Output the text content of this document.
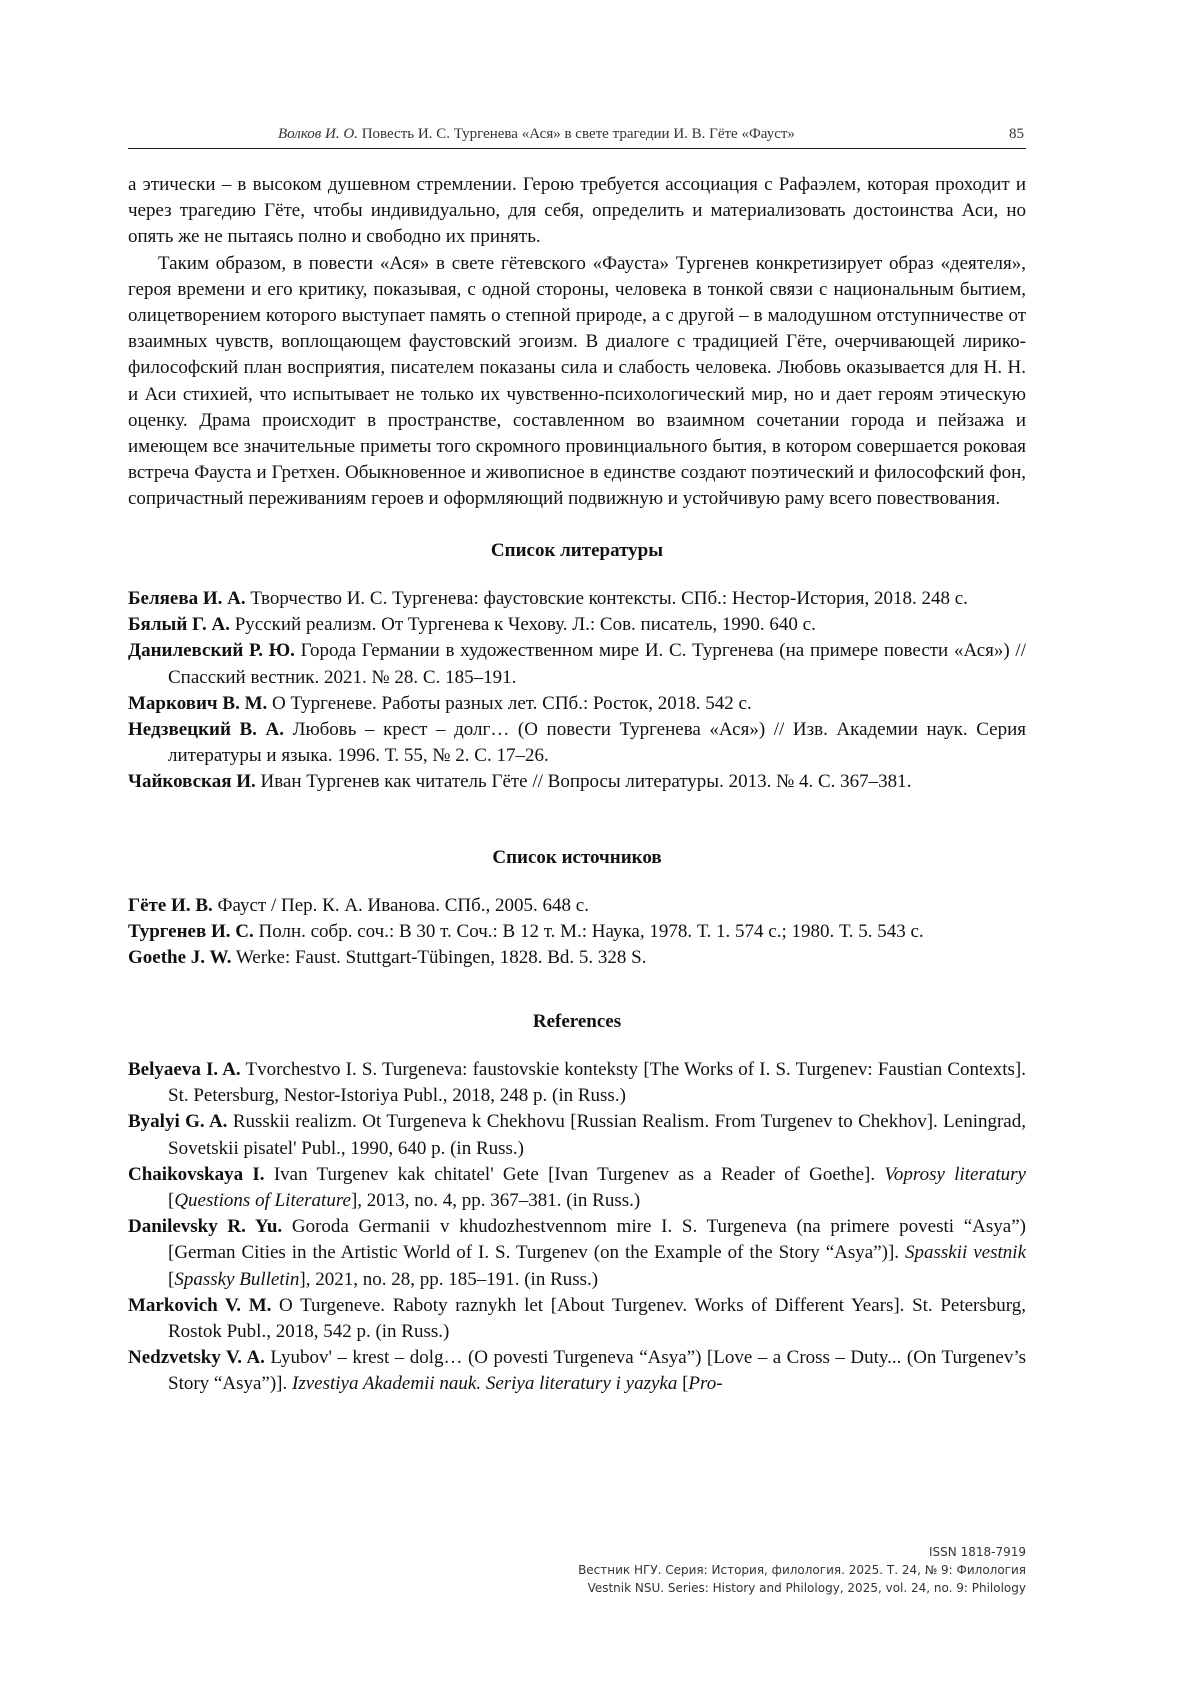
Волков И. О. Повесть И. С. Тургенева «Ася» в свете трагедии И. В. Гёте «Фауст»	85

а этически – в высоком душевном стремлении. Герою требуется ассоциация с Рафаэлем, которая проходит и через трагедию Гёте, чтобы индивидуально, для себя, определить и материализовать достоинства Аси, но опять же не пытаясь полно и свободно их принять.

Таким образом, в повести «Ася» в свете гётевского «Фауста» Тургенев конкретизирует образ «деятеля», героя времени и его критику, показывая, с одной стороны, человека в тонкой связи с национальным бытием, олицетворением которого выступает память о степной природе, а с другой – в малодушном отступничестве от взаимных чувств, воплощающем фаустовский эгоизм. В диалоге с традицией Гёте, очерчивающей лирико-философский план восприятия, писателем показаны сила и слабость человека. Любовь оказывается для Н. Н. и Аси стихией, что испытывает не только их чувственно-психологический мир, но и дает героям этическую оценку. Драма происходит в пространстве, составленном во взаимном сочетании города и пейзажа и имеющем все значительные приметы того скромного провинциального бытия, в котором совершается роковая встреча Фауста и Гретхен. Обыкновенное и живописное в единстве создают поэтический и философский фон, сопричастный переживаниям героев и оформляющий подвижную и устойчивую раму всего повествования.

Список литературы

Беляева И. А. Творчество И. С. Тургенева: фаустовские контексты. СПб.: Нестор-История, 2018. 248 с.

Бялый Г. А. Русский реализм. От Тургенева к Чехову. Л.: Сов. писатель, 1990. 640 с.

Данилевский Р. Ю. Города Германии в художественном мире И. С. Тургенева (на примере повести «Ася») // Спасский вестник. 2021. № 28. С. 185–191.

Маркович В. М. О Тургеневе. Работы разных лет. СПб.: Росток, 2018. 542 с.

Недзвецкий В. А. Любовь – крест – долг… (О повести Тургенева «Ася») // Изв. Академии наук. Серия литературы и языка. 1996. Т. 55, № 2. С. 17–26.

Чайковская И. Иван Тургенев как читатель Гёте // Вопросы литературы. 2013. № 4. С. 367–381.

Список источников

Гёте И. В. Фауст / Пер. К. А. Иванова. СПб., 2005. 648 с.

Тургенев И. С. Полн. собр. соч.: В 30 т. Соч.: В 12 т. М.: Наука, 1978. Т. 1. 574 с.; 1980. Т. 5. 543 с.

Goethe J. W. Werke: Faust. Stuttgart-Tübingen, 1828. Bd. 5. 328 S.

References

Belyaeva I. A. Tvorchestvo I. S. Turgeneva: faustovskie konteksty [The Works of I. S. Turgenev: Faustian Contexts]. St. Petersburg, Nestor-Istoriya Publ., 2018, 248 p. (in Russ.)

Byalyi G. A. Russkii realizm. Ot Turgeneva k Chekhovu [Russian Realism. From Turgenev to Chekhov]. Leningrad, Sovetskii pisatel' Publ., 1990, 640 p. (in Russ.)

Chaikovskaya I. Ivan Turgenev kak chitatel' Gete [Ivan Turgenev as a Reader of Goethe]. Voprosy literatury [Questions of Literature], 2013, no. 4, pp. 367–381. (in Russ.)

Danilevsky R. Yu. Goroda Germanii v khudozhestvennom mire I. S. Turgeneva (na primere povesti “Asya”) [German Cities in the Artistic World of I. S. Turgenev (on the Example of the Story “Asya”)]. Spasskii vestnik [Spassky Bulletin], 2021, no. 28, pp. 185–191. (in Russ.)

Markovich V. M. O Turgeneve. Raboty raznykh let [About Turgenev. Works of Different Years]. St. Petersburg, Rostok Publ., 2018, 542 p. (in Russ.)

Nedzvetsky V. A. Lyubov' – krest – dolg… (O povesti Turgeneva “Asya”) [Love – a Cross – Duty... (On Turgenev’s Story “Asya”)]. Izvestiya Akademii nauk. Seriya literatury i yazyka [Pro-

ISSN 1818-7919
Вестник НГУ. Серия: История, филология. 2025. Т. 24, № 9: Филология
Vestnik NSU. Series: History and Philology, 2025, vol. 24, no. 9: Philology
